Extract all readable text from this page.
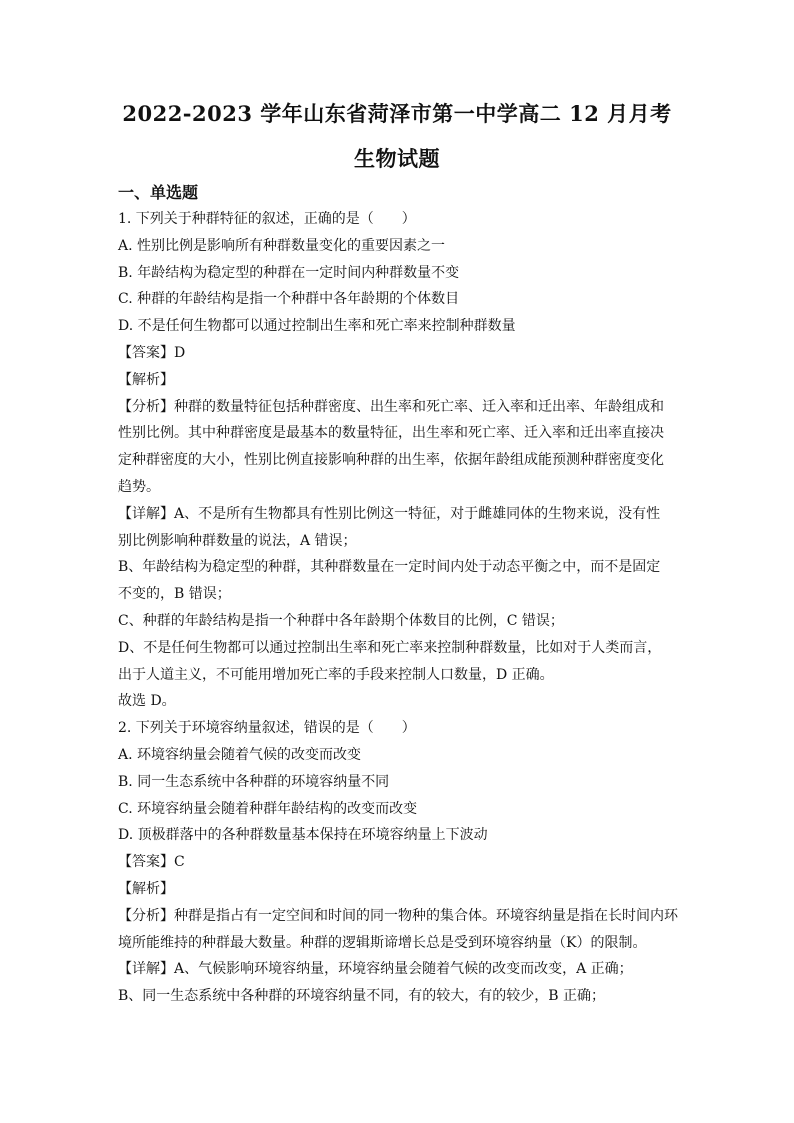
2022-2023 学年山东省菏泽市第一中学高二 12 月月考
生物试题
一、单选题
1. 下列关于种群特征的叙述，正确的是（　　）
A. 性别比例是影响所有种群数量变化的重要因素之一
B. 年龄结构为稳定型的种群在一定时间内种群数量不变
C. 种群的年龄结构是指一个种群中各年龄期的个体数目
D. 不是任何生物都可以通过控制出生率和死亡率来控制种群数量
【答案】D
【解析】
【分析】种群的数量特征包括种群密度、出生率和死亡率、迁入率和迁出率、年龄组成和
性别比例。其中种群密度是最基本的数量特征，出生率和死亡率、迁入率和迁出率直接决
定种群密度的大小，性别比例直接影响种群的出生率，依据年龄组成能预测种群密度变化
趋势。
【详解】A、不是所有生物都具有性别比例这一特征，对于雌雄同体的生物来说，没有性
别比例影响种群数量的说法，A 错误；
B、年龄结构为稳定型的种群，其种群数量在一定时间内处于动态平衡之中，而不是固定
不变的，B 错误；
C、种群的年龄结构是指一个种群中各年龄期个体数目的比例，C 错误；
D、不是任何生物都可以通过控制出生率和死亡率来控制种群数量，比如对于人类而言，
出于人道主义，不可能用增加死亡率的手段来控制人口数量，D 正确。
故选 D。
2. 下列关于环境容纳量叙述，错误的是（　　）
A. 环境容纳量会随着气候的改变而改变
B. 同一生态系统中各种群的环境容纳量不同
C. 环境容纳量会随着种群年龄结构的改变而改变
D. 顶极群落中的各种群数量基本保持在环境容纳量上下波动
【答案】C
【解析】
【分析】种群是指占有一定空间和时间的同一物种的集合体。环境容纳量是指在长时间内环
境所能维持的种群最大数量。种群的逻辑斯谛增长总是受到环境容纳量（K）的限制。
【详解】A、气候影响环境容纳量，环境容纳量会随着气候的改变而改变，A 正确；
B、同一生态系统中各种群的环境容纳量不同，有的较大，有的较少，B 正确；
